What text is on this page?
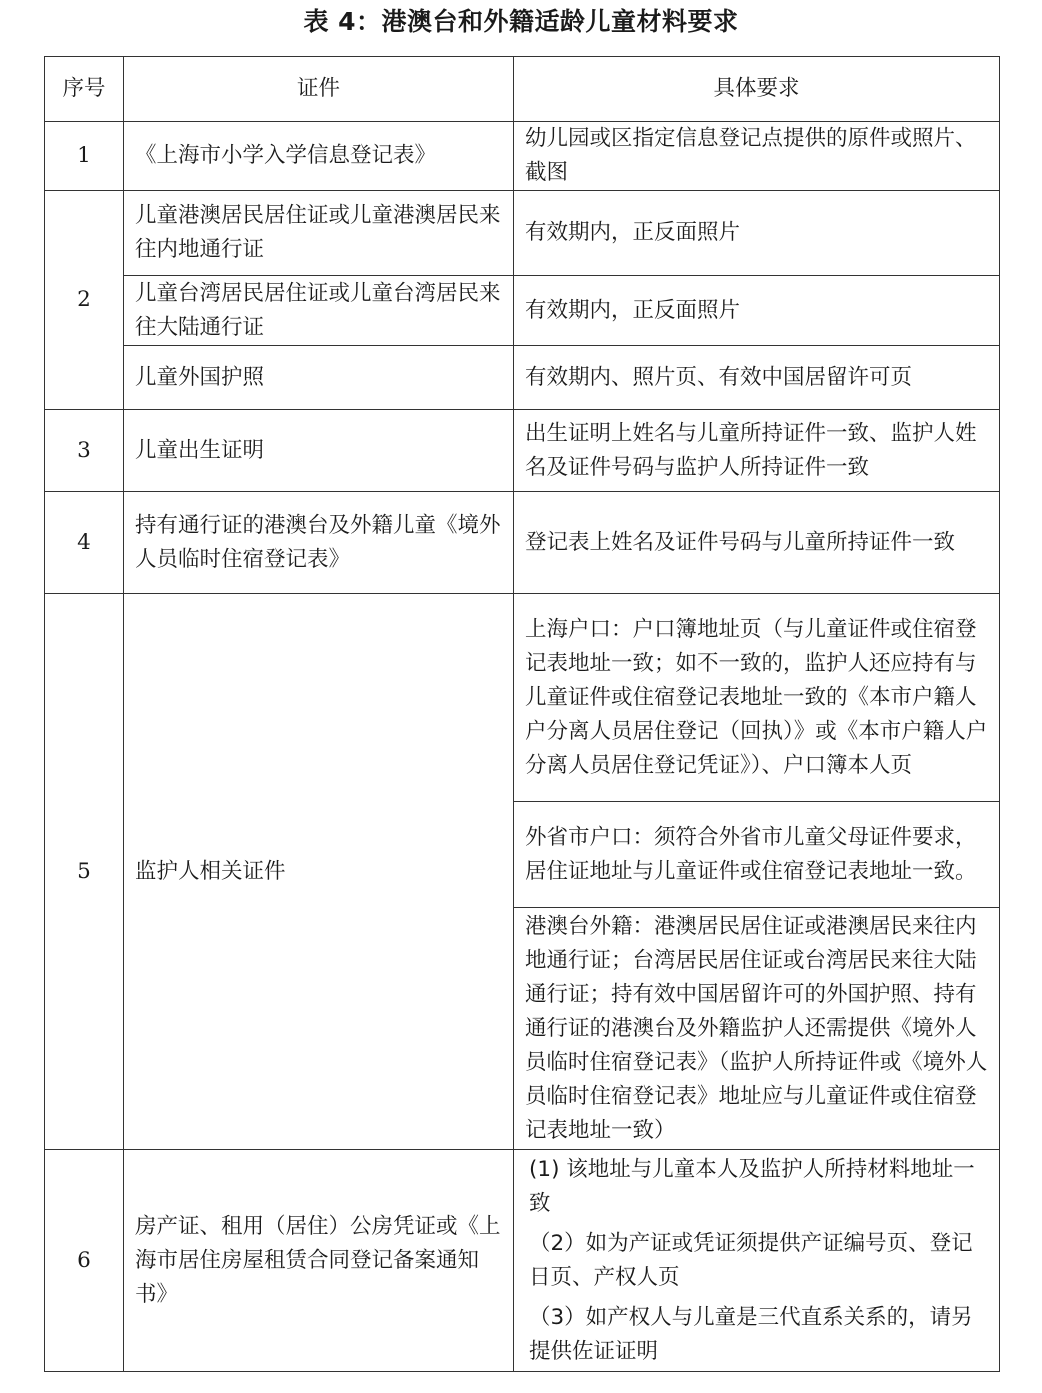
表 4：港澳台和外籍适龄儿童材料要求
序号	证件	具体要求
1	《上海市小学入学信息登记表》	幼儿园或区指定信息登记点提供的原件或照片、截图
2	儿童港澳居民居住证或儿童港澳居民来往内地通行证	有效期内，正反面照片
	儿童台湾居民居住证或儿童台湾居民来往大陆通行证	有效期内，正反面照片
	儿童外国护照	有效期内、照片页、有效中国居留许可页
3	儿童出生证明	出生证明上姓名与儿童所持证件一致、监护人姓名及证件号码与监护人所持证件一致
4	持有通行证的港澳台及外籍儿童《境外人员临时住宿登记表》	登记表上姓名及证件号码与儿童所持证件一致
5	监护人相关证件	上海户口：户口簿地址页（与儿童证件或住宿登记表地址一致；如不一致的，监护人还应持有与儿童证件或住宿登记表地址一致的《本市户籍人户分离人员居住登记（回执）》或《本市户籍人户分离人员居住登记凭证》）、户口簿本人页
		外省市户口：须符合外省市儿童父母证件要求，居住证地址与儿童证件或住宿登记表地址一致。
		港澳台外籍：港澳居民居住证或港澳居民来往内地通行证；台湾居民居住证或台湾居民来往大陆通行证；持有效中国居留许可的外国护照、持有通行证的港澳台及外籍监护人还需提供《境外人员临时住宿登记表》（监护人所持证件或《境外人员临时住宿登记表》地址应与儿童证件或住宿登记表地址一致）
6	房产证、租用（居住）公房凭证或《上海市居住房屋租赁合同登记备案通知书》	(1) 该地址与儿童本人及监护人所持材料地址一致
（2）如为产证或凭证须提供产证编号页、登记日页、产权人页
（3）如产权人与儿童是三代直系关系的，请另提供佐证证明
